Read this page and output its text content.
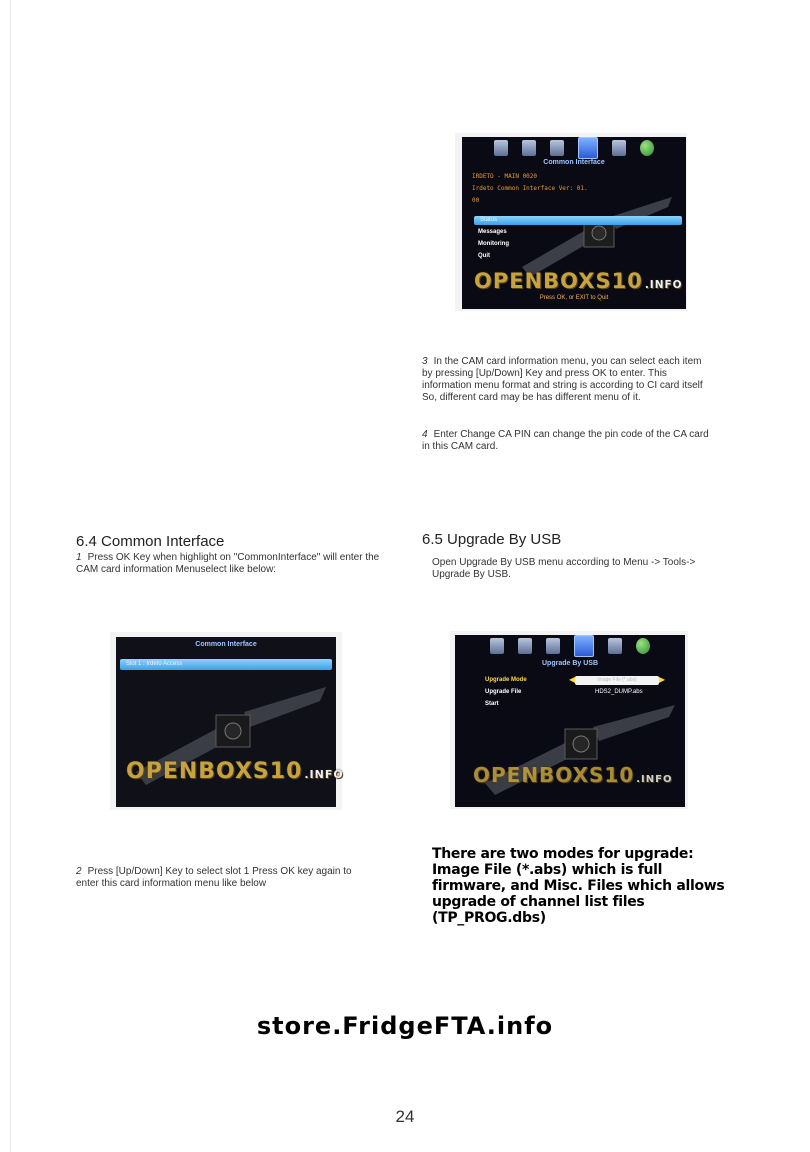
Common Interface
IRDETO - MAIN 0020
Irdeto Common Interface Ver: 01.
00
Status
Messages
Monitoring
Quit
OPENBOXS10 .INFO
Press OK, or EXIT to Quit
3 In the CAM card information menu, you can select each item by pressing [Up/Down] Key and press OK to enter. This information menu format and string is according to CI card itself So, different card may be has different menu of it.
4 Enter Change CA PIN can change the pin code of the CA card in this CAM card.
6.4 Common Interface
1 Press OK Key when highlight on "CommonInterface" will enter the CAM card information Menuselect like below:
6.5 Upgrade By USB
Open Upgrade By USB menu according to Menu -> Tools-> Upgrade By USB.
Common Interface
Slot 1 : Irdeto Access
OPENBOXS10 .INFO
Upgrade By USB
Upgrade Mode	◀	Image File (*.abs)	▶
Upgrade File	HDS2_DUMP.abs
Start
OPENBOXS10 .INFO
2 Press [Up/Down] Key to select slot 1 Press OK key again to enter this card information menu like below
There are two modes for upgrade: Image File (*.abs) which is full firmware, and Misc. Files which allows upgrade of channel list files (TP_PROG.dbs)
store.FridgeFTA.info
24
